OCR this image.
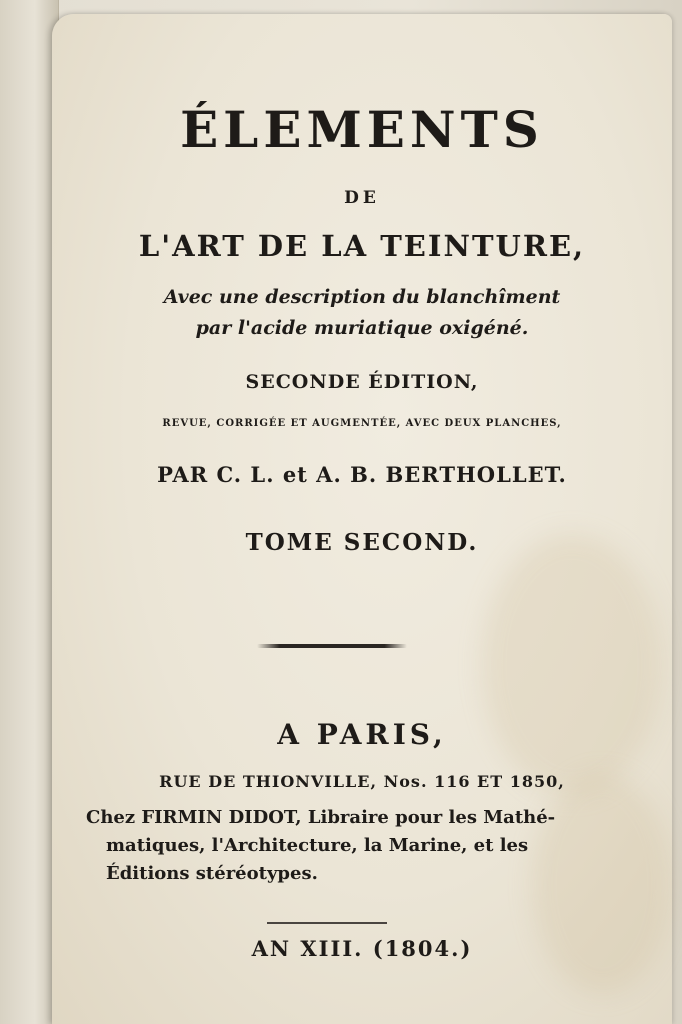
ÉLEMENTS
DE
L'ART DE LA TEINTURE,
Avec une description du blanchîment
par l'acide muriatique oxigéné.
SECONDE ÉDITION,
REVUE, CORRIGÉE ET AUGMENTÉE, AVEC DEUX PLANCHES,
PAR C. L. et A. B. BERTHOLLET.
TOME SECOND.
A PARIS,
RUE DE THIONVILLE, Nos. 116 ET 1850,
Chez FIRMIN DIDOT, Libraire pour les Mathé-
matiques, l'Architecture, la Marine, et les
Éditions stéréotypes.
AN XIII. (1804.)
